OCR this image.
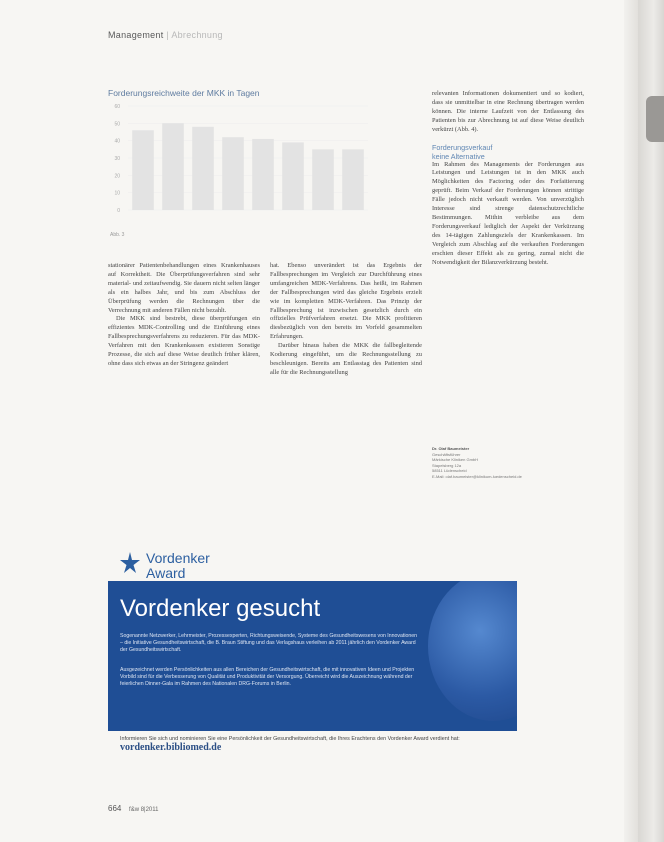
Management | Abrechnung
Forderungsreichweite der MKK in Tagen
0
10
20
30
40
50
60
Abb. 3

stationärer Patientenbehandlungen eines Krankenhauses auf Korrektheit. Die Überprüfungsverfahren sind sehr material- und zeitaufwendig. Sie dauern nicht selten länger als ein halbes Jahr, und bis zum Abschluss der Überprüfung werden die Rechnungen über die Verrechnung mit anderen Fällen nicht bezahlt.

Die MKK sind bestrebt, diese überprüfungen ein effizientes MDK-Controlling und die Einführung eines Fallbesprechungsverfahrens zu reduzieren. Für das MDK-Verfahren mit den Krankenkassen existieren Sonstige Prozesse, die sich auf diese Weise deutlich früher klären, ohne dass sich etwas an der Stringenz geändert

hat. Ebenso unverändert ist das Ergebnis der Fallbesprechungen im Vergleich zur Durchführung eines umfangreichen MDK-Verfahrens. Das heißt, im Rahmen der Fallbesprechungen wird das gleiche Ergebnis erzielt wie im kompletten MDK-Verfahren. Das Prinzip der Fallbesprechung ist inzwischen gesetzlich durch ein offizielles Prüfverfahren ersetzt. Die MKK profitieren diesbezüglich von den bereits im Vorfeld gesammelten Erfahrungen.

Darüber hinaus haben die MKK die fallbegleitende Kodierung eingeführt, um die Rechnungsstellung zu beschleunigen. Bereits am Entlasstag des Patienten sind alle für die Rechnungsstellung

relevanten Informationen dokumentiert und so kodiert, dass sie unmittelbar in eine Rechnung übertragen werden können. Die interne Laufzeit von der Entlassung des Patienten bis zur Abrechnung ist auf diese Weise deutlich verkürzt (Abb. 4).

Forderungsverkauf
keine Alternative

Im Rahmen des Managements der Forderungen aus Leistungen und Leistungen ist in den MKK auch Möglichkeiten des Factoring oder des Forfaitierung geprüft. Beim Verkauf der Forderungen können strittige Fälle jedoch nicht verkauft werden. Von unverzüglich Interesse sind strenge datenschutzrechtliche Bestimmungen. Mithin verbleibe aus dem Forderungsverkauf lediglich der Aspekt der Verkürzung des 14-tägigen Zahlungsziels der Krankenkassen. Im Vergleich zum Abschlag auf die verkauften Forderungen erschien dieser Effekt als zu gering, zumal nicht die Notwendigkeit der Bilanzverkürzung besteht.

Dr. Olaf Baumeister
Geschäftsführer
Märkische Kliniken GmbH
Stapelsberg 12a
58511 Lüdenscheid
E-Mail: olaf.baumeister@klinikum-luedenscheid.de
Vordenker
Award
Vordenker gesucht
Sogenannte Netzwerker, Lehrmeister, Prozessexperten, Richtungsweisende, Systeme des Gesundheitswesens von Innovationen – die Initiative Gesundheitswirtschaft, die B. Braun Stiftung und das Verlagshaus verleihen ab 2011 jährlich den Vordenker Award der Gesundheitswirtschaft.
Ausgezeichnet werden Persönlichkeiten aus allen Bereichen der Gesundheitswirtschaft, die mit innovativen Ideen und Projekten Vorbild sind für die Verbesserung von Qualität und Produktivität der Versorgung. Überreicht wird die Auszeichnung während der feierlichen Dinner-Gala im Rahmen des Nationalen DRG-Forums in Berlin.
Informieren Sie sich und nominieren Sie eine Persönlichkeit der Gesundheitswirtschaft, die Ihres Erachtens den Vordenker Award verdient hat: vordenker.bibliomed.de
664 f&w 8|2011
